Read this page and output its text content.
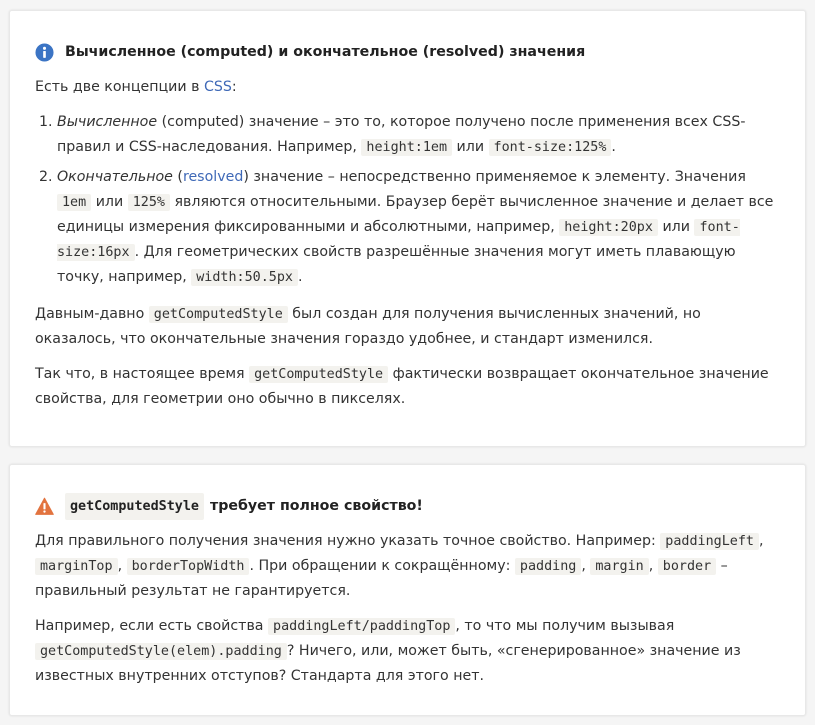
Вычисленное (computed) и окончательное (resolved) значения

Есть две концепции в CSS:

1. Вычисленное (computed) значение – это то, которое получено после применения всех CSS-правил и CSS-наследования. Например, height:1em или font-size:125% .
2. Окончательное (resolved) значение – непосредственно применяемое к элементу. Значения 1em или 125% являются относительными. Браузер берёт вычисленное значение и делает все единицы измерения фиксированными и абсолютными, например, height:20px или font-size:16px . Для геометрических свойств разрешённые значения могут иметь плавающую точку, например, width:50.5px .

Давным-давно getComputedStyle был создан для получения вычисленных значений, но оказалось, что окончательные значения гораздо удобнее, и стандарт изменился.

Так что, в настоящее время getComputedStyle фактически возвращает окончательное значение свойства, для геометрии оно обычно в пикселях.

getComputedStyle требует полное свойство!

Для правильного получения значения нужно указать точное свойство. Например: paddingLeft , marginTop , borderTopWidth . При обращении к сокращённому: padding , margin , border – правильный результат не гарантируется.

Например, если есть свойства paddingLeft/paddingTop , то что мы получим вызывая getComputedStyle(elem).padding ? Ничего, или, может быть, «сгенерированное» значение из известных внутренних отступов? Стандарта для этого нет.
